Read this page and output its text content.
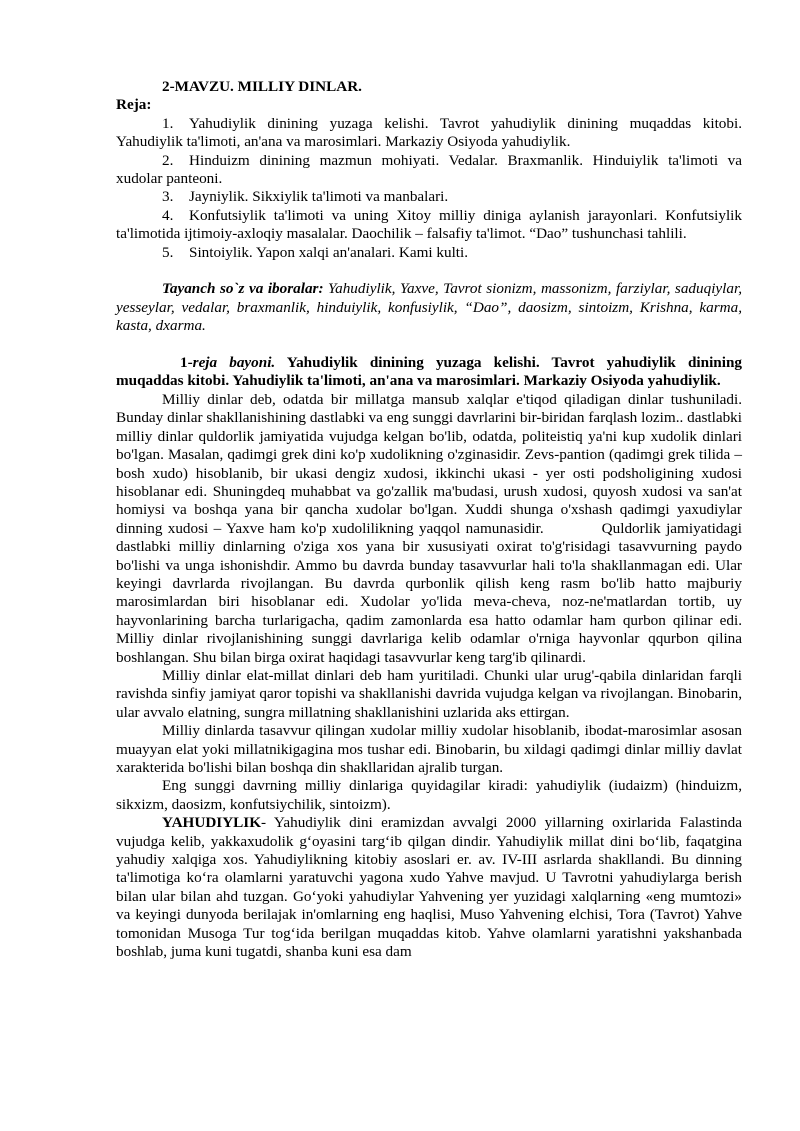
2-MAVZU. MILLIY DINLAR.

Reja:

1. Yahudiylik dinining yuzaga kelishi. Tavrot yahudiylik dinining muqaddas kitobi. Yahudiylik ta'limoti, an'ana va marosimlari. Markaziy Osiyoda yahudiylik.

2. Hinduizm dinining mazmun mohiyati. Vedalar. Braxmanlik. Hinduiylik ta'limoti va xudolar panteoni.

3. Jayniylik. Sikxiylik ta'limoti va manbalari.

4. Konfutsiylik ta'limoti va uning Xitoy milliy diniga aylanish jarayonlari. Konfutsiylik ta'limotida ijtimoiy-axloqiy masalalar. Daochilik – falsafiy ta'limot. “Dao” tushunchasi tahlili.

5. Sintoiylik. Yapon xalqi an'analari. Kami kulti.

Tayanch so`z va iboralar: Yahudiylik, Yaxve, Tavrot sionizm, massonizm, farziylar, saduqiylar, yesseylar, vedalar, braxmanlik, hinduiylik, konfusiylik, “Dao”, daosizm, sintoizm, Krishna, karma, kasta, dxarma.

1-reja bayoni. Yahudiylik dinining yuzaga kelishi. Tavrot yahudiylik dinining muqaddas kitobi. Yahudiylik ta'limoti, an'ana va marosimlari. Markaziy Osiyoda yahudiylik.

Milliy dinlar deb, odatda bir millatga mansub xalqlar e'tiqod qiladigan dinlar tushuniladi. Bunday dinlar shakllanishining dastlabki va eng sunggi davrlarini bir-biridan farqlash lozim.. dastlabki milliy dinlar quldorlik jamiyatida vujudga kelgan bo'lib, odatda, politeistiq ya'ni kup xudolik dinlari bo'lgan. Masalan, qadimgi grek dini ko'p xudolikning o'zginasidir. Zevs-pantion (qadimgi grek tilida – bosh xudo) hisoblanib, bir ukasi dengiz xudosi, ikkinchi ukasi - yer osti podsholigining xudosi hisoblanar edi. Shuningdeq muhabbat va go'zallik ma'budasi, urush xudosi, quyosh xudosi va san'at homiysi va boshqa yana bir qancha xudolar bo'lgan. Xuddi shunga o'xshash qadimgi yaxudiylar dinning xudosi – Yaxve ham ko'p xudolilikning yaqqol namunasidir.	Quldorlik jamiyatidagi dastlabki milliy dinlarning o'ziga xos yana bir xususiyati oxirat to'g'risidagi tasavvurning paydo bo'lishi va unga ishonishdir. Ammo bu davrda bunday tasavvurlar hali to'la shakllanmagan edi. Ular keyingi davrlarda rivojlangan. Bu davrda qurbonlik qilish keng rasm bo'lib hatto majburiy marosimlardan biri hisoblanar edi. Xudolar yo'lida meva-cheva, noz-ne'matlardan tortib, uy hayvonlarining barcha turlarigacha, qadim zamonlarda esa hatto odamlar ham qurbon qilinar edi. Milliy dinlar rivojlanishining sunggi davrlariga kelib odamlar o'rniga hayvonlar qqurbon qilina boshlangan. Shu bilan birga oxirat haqidagi tasavvurlar keng targ'ib qilinardi.

Milliy dinlar elat-millat dinlari deb ham yuritiladi. Chunki ular urug'-qabila dinlaridan farqli ravishda sinfiy jamiyat qaror topishi va shakllanishi davrida vujudga kelgan va rivojlangan. Binobarin, ular avvalo elatning, sungra millatning shakllanishini uzlarida aks ettirgan.

Milliy dinlarda tasavvur qilingan xudolar milliy xudolar hisoblanib, ibodat-marosimlar asosan muayyan elat yoki millatnikigagina mos tushar edi. Binobarin, bu xildagi qadimgi dinlar milliy davlat xarakterida bo'lishi bilan boshqa din shakllaridan ajralib turgan.

Eng sunggi davrning milliy dinlariga quyidagilar kiradi: yahudiylik (iudaizm) (hinduizm, sikxizm, daosizm, konfutsiychilik, sintoizm).

YAHUDIYLIK- Yahudiylik dini eramizdan avvalgi 2000 yillarning oxirlarida Falastinda vujudga kelib, yakkaxudolik g‘oyasini targ‘ib qilgan dindir. Yahudiylik millat dini bo‘lib, faqatgina yahudiy xalqiga xos. Yahudiylikning kitobiy asoslari er. av. IV-III asrlarda shakllandi. Bu dinning ta'limotiga ko‘ra olamlarni yaratuvchi yagona xudo Yahve mavjud. U Tavrotni yahudiylarga berish bilan ular bilan ahd tuzgan. Go‘yoki yahudiylar Yahvening yer yuzidagi xalqlarning «eng mumtozi» va keyingi dunyoda berilajak in'omlarning eng haqlisi, Muso Yahvening elchisi, Tora (Tavrot) Yahve tomonidan Musoga Tur tog‘ida berilgan muqaddas kitob. Yahve olamlarni yaratishni yakshanbada boshlab, juma kuni tugatdi, shanba kuni esa dam
